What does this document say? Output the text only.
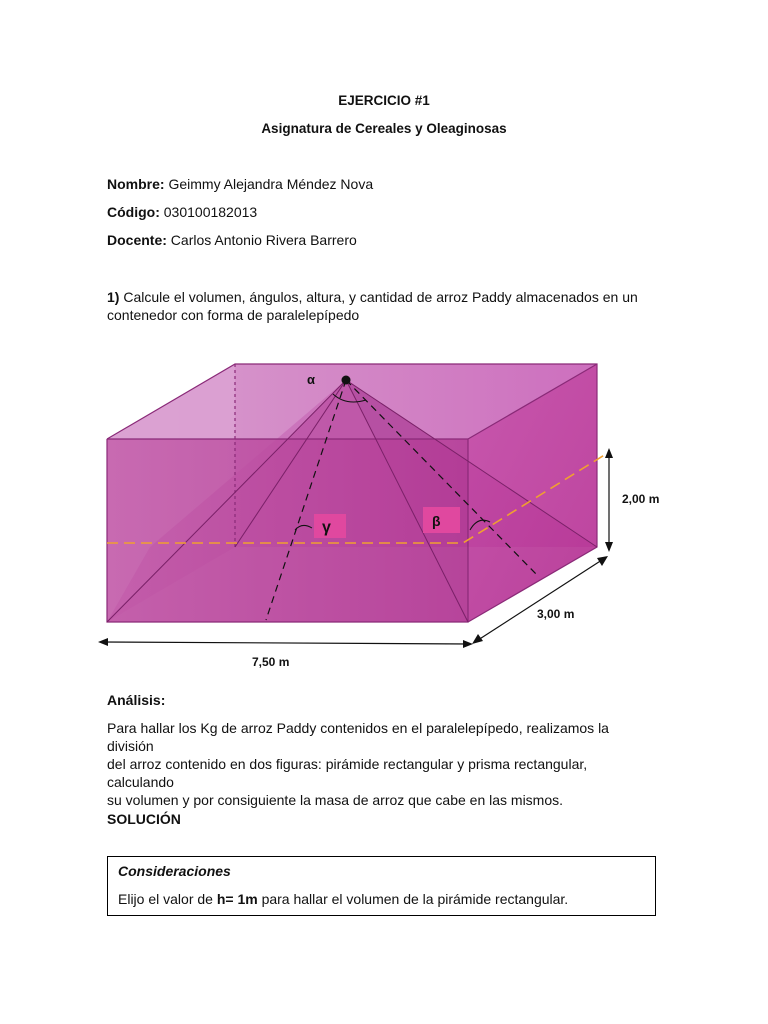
EJERCICIO #1
Asignatura de Cereales y Oleaginosas
Nombre: Geimmy Alejandra Méndez Nova
Código: 030100182013
Docente: Carlos Antonio Rivera Barrero
1) Calcule el volumen, ángulos, altura, y cantidad de arroz Paddy almacenados en un
contenedor con forma de paralelepípedo
α
γ	β
2,00 m
3,00 m
7,50 m
Análisis:
Para hallar los Kg de arroz Paddy contenidos en el paralelepípedo, realizamos la división
del arroz contenido en dos figuras: pirámide rectangular y prisma rectangular, calculando
su volumen y por consiguiente la masa de arroz que cabe en las mismos.
SOLUCIÓN
Consideraciones
Elijo el valor de h= 1m para hallar el volumen de la pirámide rectangular.
